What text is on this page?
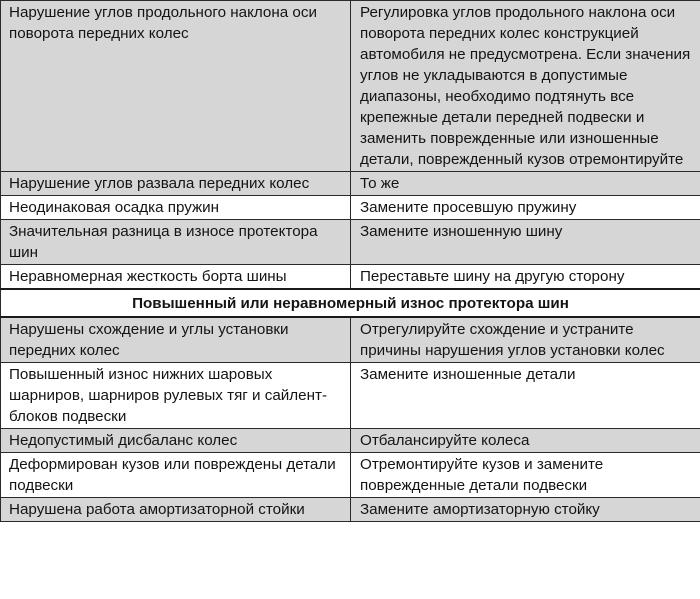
Нарушение углов продольного наклона оси поворота передних колес	Регулировка углов продольного наклона оси поворота передних колес конструкцией автомобиля не предусмотрена. Если значения углов не укладываются в допустимые диапазоны, необходимо подтянуть все крепежные детали передней подвески и заменить поврежденные или изношенные детали, поврежденный кузов отремонтируйте
Нарушение углов развала передних колес	То же
Неодинаковая осадка пружин	Замените просевшую пружину
Значительная разница в износе протектора шин	Замените изношенную шину
Неравномерная жесткость борта шины	Переставьте шину на другую сторону
Повышенный или неравномерный износ протектора шин	
Нарушены схождение и углы установки передних колес	Отрегулируйте схождение и устраните причины нарушения углов установки колес
Повышенный износ нижних шаровых шарниров, шарниров рулевых тяг и сайлент-блоков подвески	Замените изношенные детали
Недопустимый дисбаланс колес	Отбалансируйте колеса
Деформирован кузов или повреждены детали подвески	Отремонтируйте кузов и замените поврежденные детали подвески
Нарушена работа амортизаторной стойки	Замените амортизаторную стойку
